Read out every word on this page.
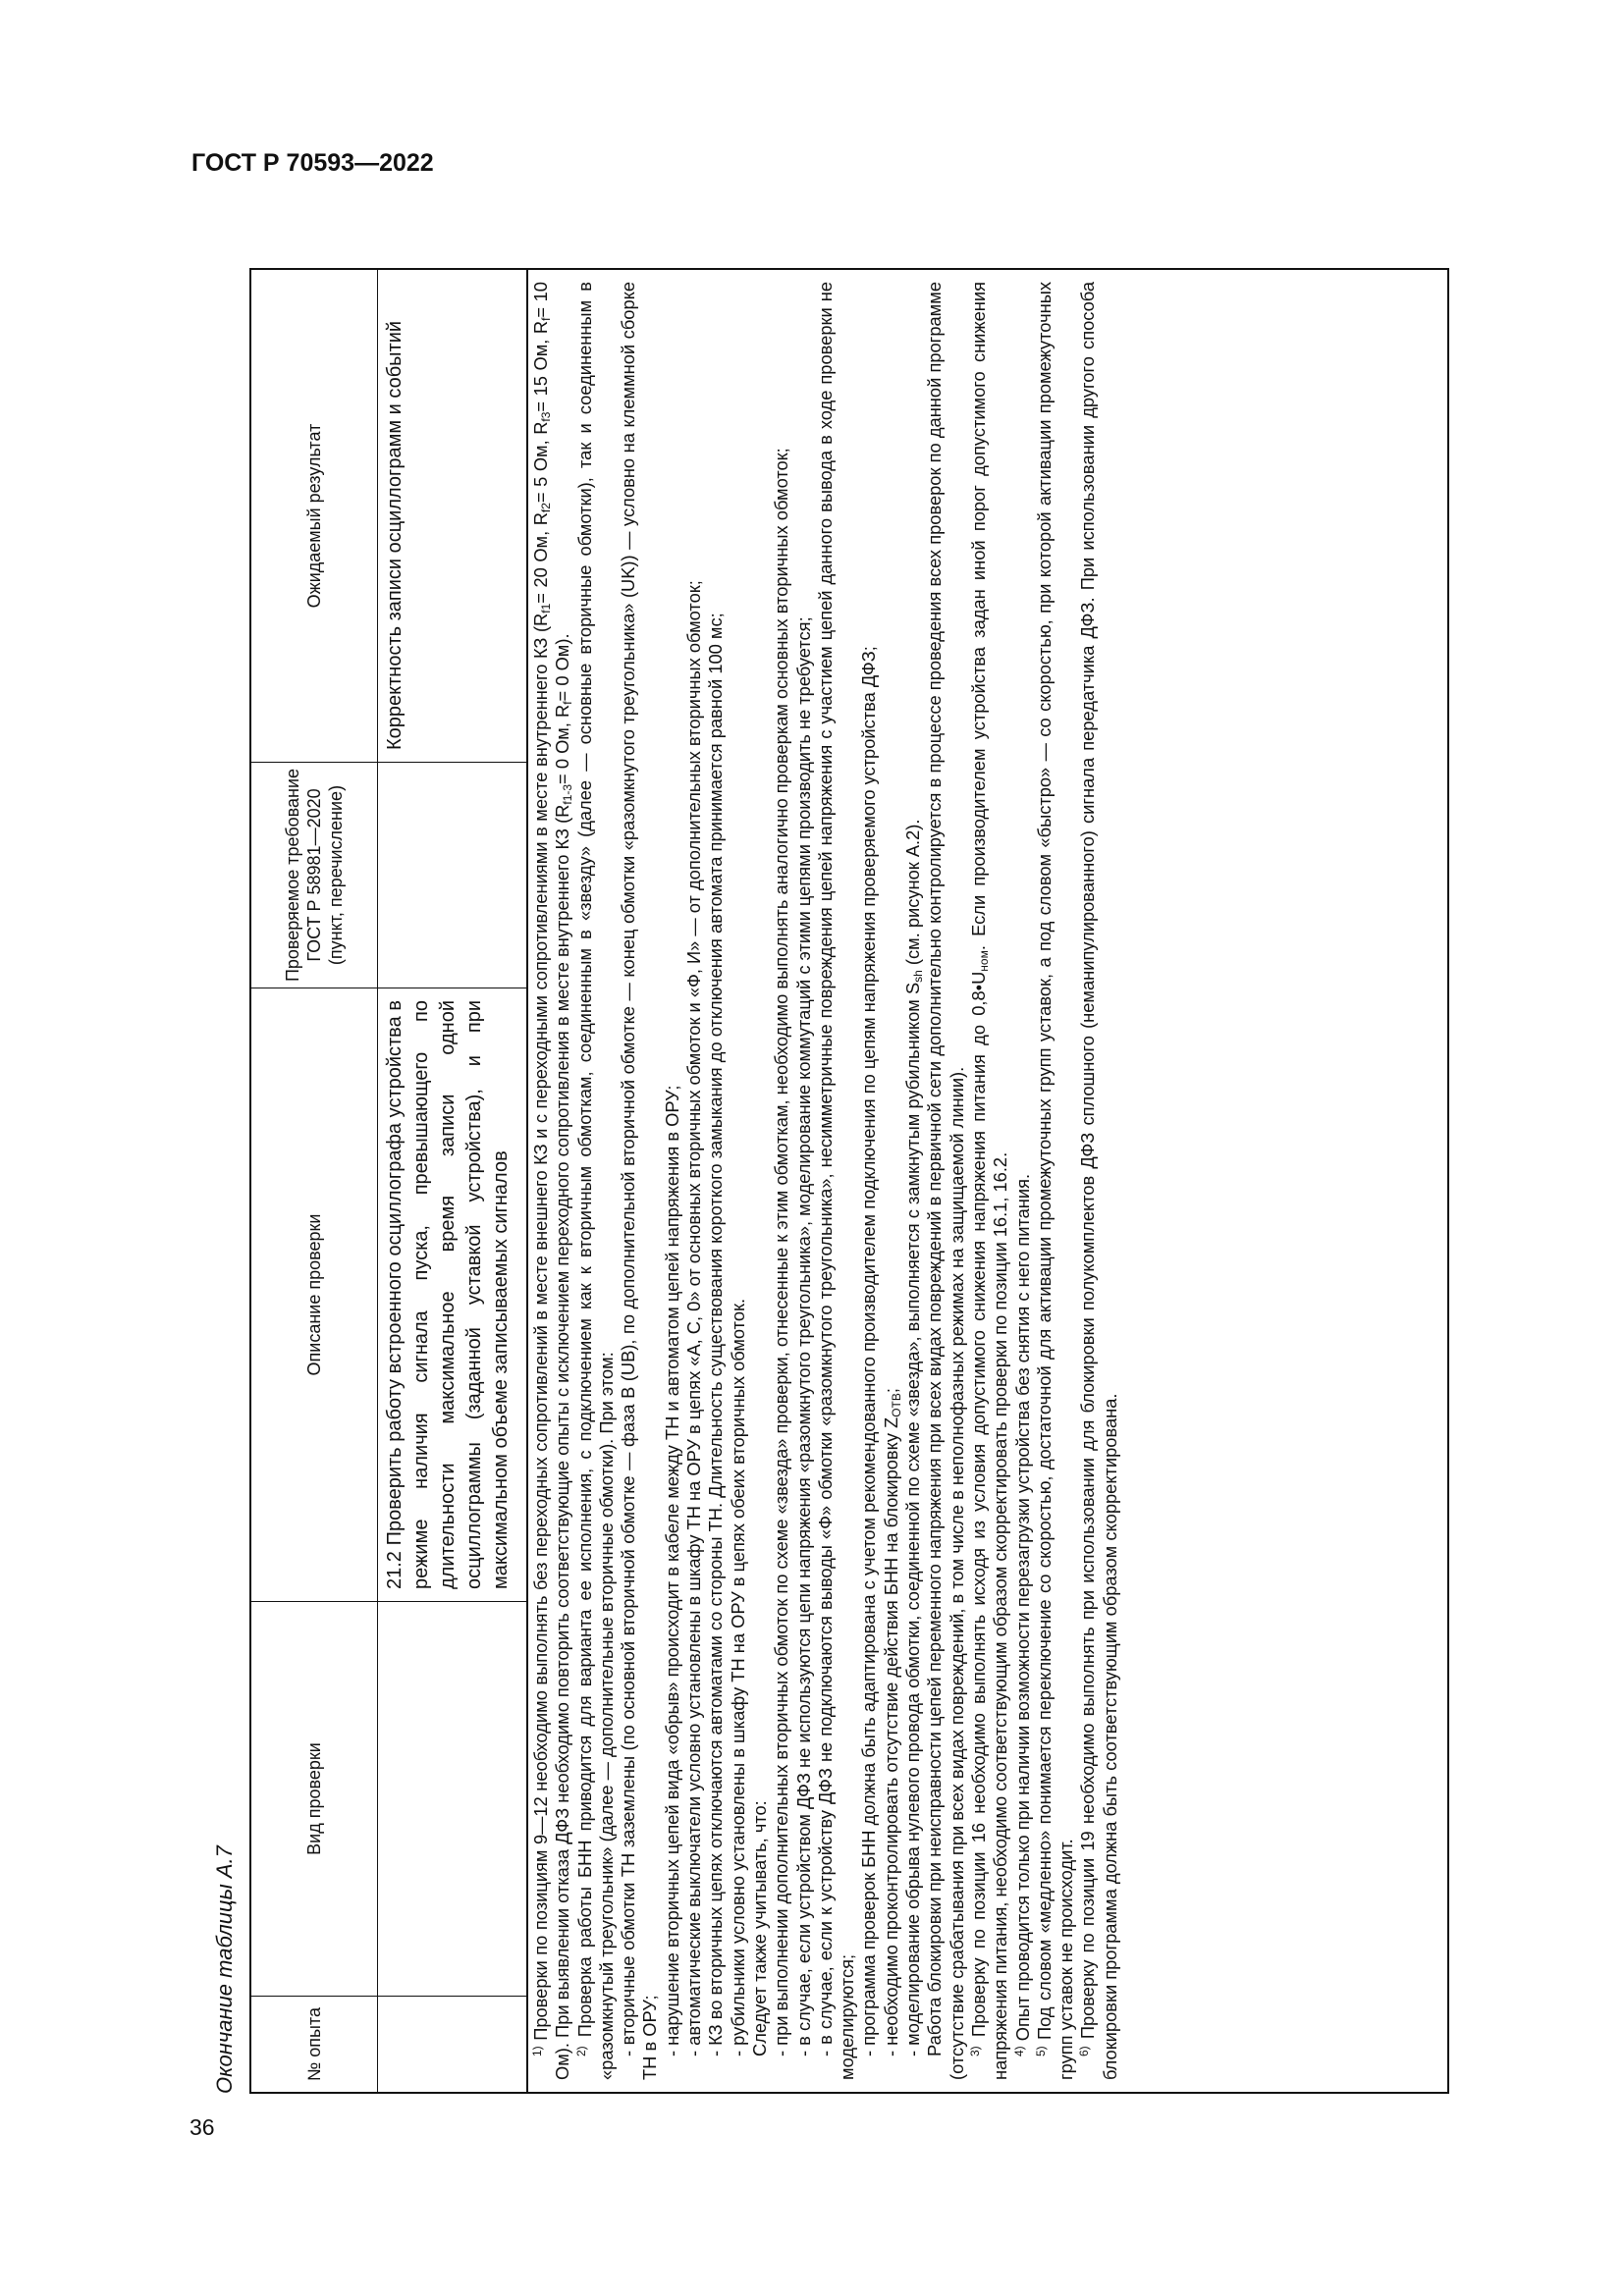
ГОСТ Р 70593—2022
36
Окончание таблицы А.7	№ опыта
Вид проверки
Описание проверки
Проверяемое требование ГОСТ Р 58981—2020 (пункт, перечисление)
Ожидаемый результат
21.2 Проверить работу встроенного осциллографа устройства в режиме наличия сигнала пуска, превышающего по длительности максимальное время записи одной осциллограммы (заданной уставкой устройства), и при максимальном объеме записываемых сигналов
Корректность записи осциллограмм и событий

$^{1)}$ Проверки по позициям 9—12 необходимо выполнять без переходных сопротивлений в месте внешнего КЗ и с переходными сопротивлениями в месте внутреннего КЗ ($R_{f1}= 20$ Ом, $R_{f2}= 5$ Ом, $R_{f3}= 15$ Ом, $R_f= 10$ Ом). При выявлении отказа ДФЗ необходимо повторить соответствующие опыты с исключением переходного сопротивления в месте внутреннего КЗ ($R_{f1-3}= 0$ Ом, $R_f= 0$ Ом).

$^{2)}$ Проверка работы БНН приводится для варианта ее исполнения, с подключением как к вторичным обмоткам, соединенным в «звезду» (далее — основные вторичные обмотки), так и соединенным в «разомкнутый треугольник» (далее — дополнительные вторичные обмотки). При этом: - вторичные обмотки ТН заземлены (по основной вторичной обмотке — фаза В (UB), по дополнительной вторичной обмотке — конец обмотки «разомкнутого треугольника» (UK)) — условно на клеммной сборке ТН в ОРУ; - нарушение вторичных цепей вида «обрыв» происходит в кабеле между ТН и автоматом цепей напряжения в ОРУ; - автоматические выключатели условно установлены в шкафу ТН на ОРУ в цепях «А, С, 0» от основных вторичных обмоток и «Ф, И» — от дополнительных вторичных обмоток; - КЗ во вторичных цепях отключаются автоматами со стороны ТН. Длительность существования короткого замыкания до отключения автомата принимается равной 100 мс; - рубильники условно установлены в шкафу ТН на ОРУ в цепях обеих вторичных обмоток. Следует также учитывать, что: - при выполнении дополнительных вторичных обмоток по схеме «звезда» проверки, отнесенные к этим обмоткам, необходимо выполнять аналогично проверкам основных вторичных обмоток; - в случае, если устройством ДФЗ не используются цепи напряжения «разомкнутого треугольника», моделирование коммутаций с этими цепями производить не требуется; - в случае, если к устройству ДФЗ не подключаются выводы «Ф» обмотки «разомкнутого треугольника», несимметричные повреждения цепей напряжения с участием цепей данного вывода в ходе проверки не моделируются; - программа проверок БНН должна быть адаптирована с учетом рекомендованного производителем подключения по цепям напряжения проверяемого устройства ДФЗ; - необходимо проконтролировать отсутствие действия БНН на блокировку $Z_{ОТВ}$; - моделирование обрыва нулевого провода обмотки, соединенной по схеме «звезда», выполняется с замкнутым рубильником $S_{sh}$ (см. рисунок А.2). Работа блокировки при неисправности цепей переменного напряжения при всех видах повреждений в первичной сети дополнительно контролируется в процессе проведения всех проверок по данной программе (отсутствие срабатывания при всех видах повреждений, в том числе в неполнофазных режимах на защищаемой линии). $^{3)}$ Проверку по позиции 16 необходимо выполнять исходя из условия допустимого снижения напряжения питания до $0,8•U_{ном}$. Если производителем устройства задан иной порог допустимого снижения напряжения питания, необходимо соответствующим образом скорректировать проверки по позиции 16.1, 16.2. $^{4)}$ Опыт проводится только при наличии возможности перезагрузки устройства без снятия с него питания.

$^{5)}$ Под словом «медленно» понимается переключение со скоростью, достаточной для активации промежуточных групп уставок, а под словом «быстро» — со скоростью, при которой активации промежуточных групп уставок не происходит. $^{6)}$ Проверку по позиции 19 необходимо выполнять при использовании для блокировки полукомплектов ДФЗ сплошного (неманипулированного) сигнала передатчика ДФЗ. При использовании другого способа блокировки программа должна быть соответствующим образом скорректирована.
